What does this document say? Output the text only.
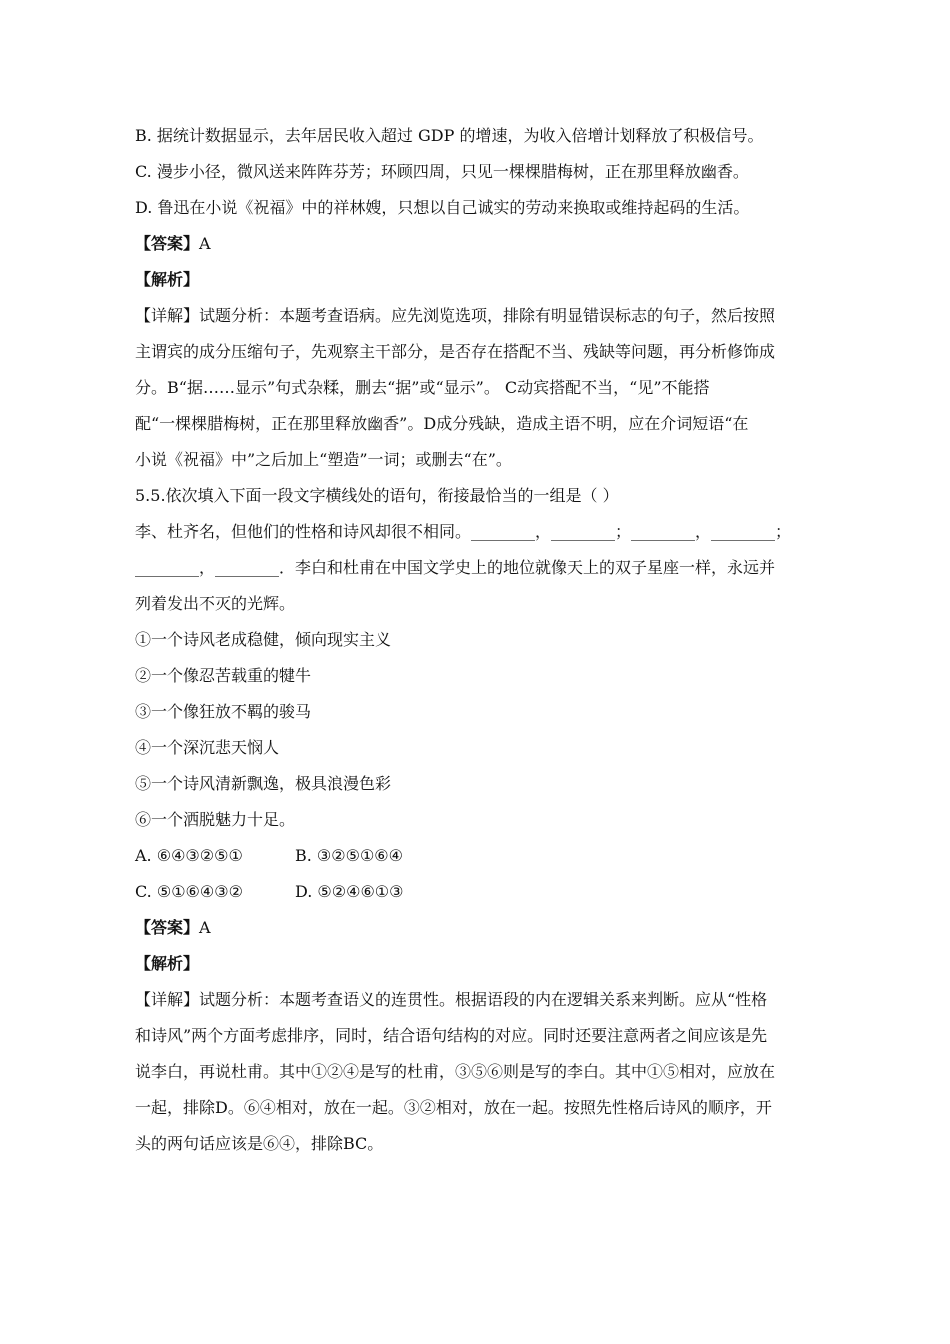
B. 据统计数据显示，去年居民收入超过 GDP 的增速，为收入倍增计划释放了积极信号。
C. 漫步小径，微风送来阵阵芬芳；环顾四周，只见一棵棵腊梅树，正在那里释放幽香。
D. 鲁迅在小说《祝福》中的祥林嫂，只想以自己诚实的劳动来换取或维持起码的生活。
【答案】A
【解析】
【详解】试题分析：本题考查语病。应先浏览选项，排除有明显错误标志的句子，然后按照
主谓宾的成分压缩句子，先观察主干部分，是否存在搭配不当、残缺等问题，再分析修饰成
分。B“据……显示”句式杂糅，删去“据”或“显示”。 C动宾搭配不当，“见”不能搭
配“一棵棵腊梅树，正在那里释放幽香”。D成分残缺，造成主语不明，应在介词短语“在
小说《祝福》中”之后加上“塑造”一词；或删去“在”。
5.5.依次填入下面一段文字横线处的语句，衔接最恰当的一组是（ ）
李、杜齐名，但他们的性格和诗风却很不相同。________，________；________，________；
________，________．李白和杜甫在中国文学史上的地位就像天上的双子星座一样，永远并
列着发出不灭的光辉。
①一个诗风老成稳健，倾向现实主义
②一个像忍苦载重的犍牛
③一个像狂放不羁的骏马
④一个深沉悲天悯人
⑤一个诗风清新飘逸，极具浪漫色彩
⑥一个洒脱魅力十足。
A. ⑥④③②⑤①	B. ③②⑤①⑥④
C. ⑤①⑥④③②	D. ⑤②④⑥①③
【答案】A
【解析】
【详解】试题分析：本题考查语义的连贯性。根据语段的内在逻辑关系来判断。应从“性格
和诗风”两个方面考虑排序，同时，结合语句结构的对应。同时还要注意两者之间应该是先
说李白，再说杜甫。其中①②④是写的杜甫，③⑤⑥则是写的李白。其中①⑤相对，应放在
一起，排除D。⑥④相对，放在一起。③②相对，放在一起。按照先性格后诗风的顺序，开
头的两句话应该是⑥④，排除BC。
